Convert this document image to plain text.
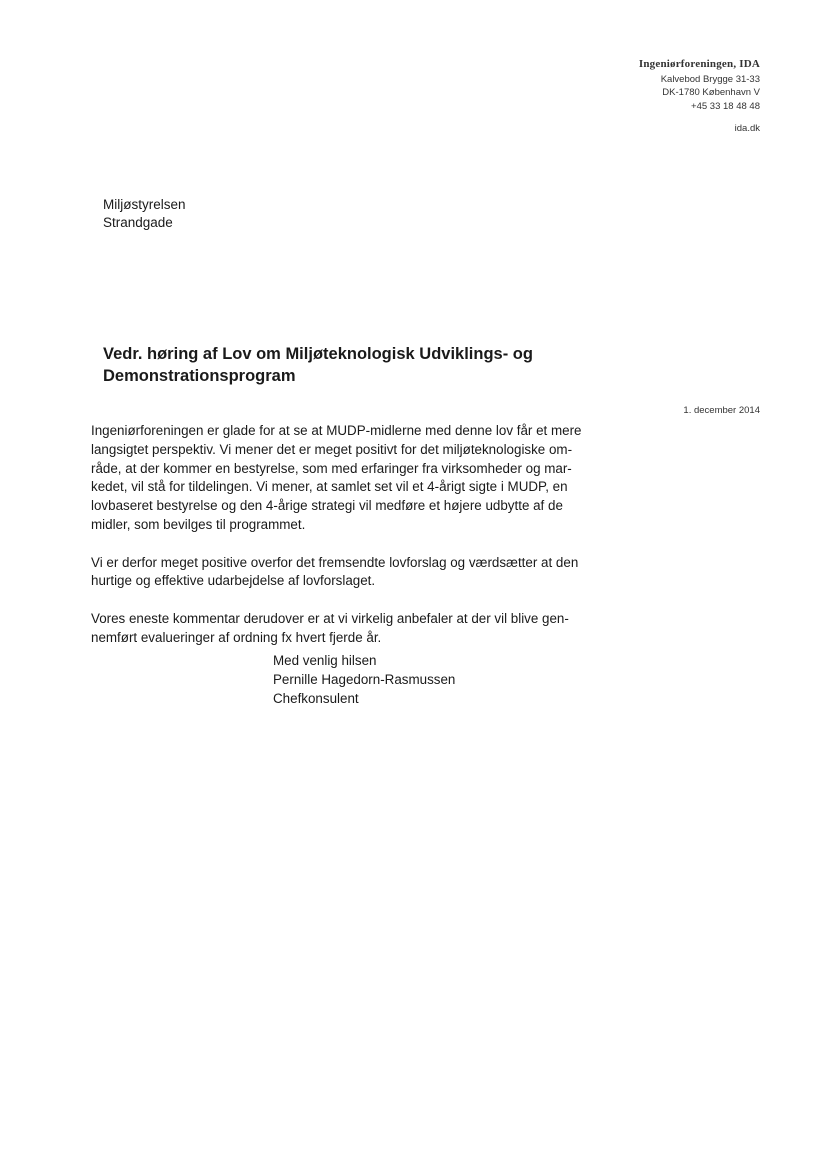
Ingeniørforeningen, IDA
Kalvebod Brygge 31-33
DK-1780 København V
+45 33 18 48 48
ida.dk
Miljøstyrelsen
Strandgade
Vedr. høring af Lov om Miljøteknologisk Udviklings- og
Demonstrationsprogram
1. december 2014

Ingeniørforeningen er glade for at se at MUDP-midlerne med denne lov får et mere
langsigtet perspektiv. Vi mener det er meget positivt for det miljøteknologiske om-
råde, at der kommer en bestyrelse, som med erfaringer fra virksomheder og mar-
kedet, vil stå for tildelingen. Vi mener, at samlet set vil et 4-årigt sigte i MUDP, en
lovbaseret bestyrelse og den 4-årige strategi vil medføre et højere udbytte af de
midler, som bevilges til programmet.

Vi er derfor meget positive overfor det fremsendte lovforslag og værdsætter at den
hurtige og effektive udarbejdelse af lovforslaget.

Vores eneste kommentar derudover er at vi virkelig anbefaler at der vil blive gen-
nemført evalueringer af ordning fx hvert fjerde år.

Med venlig hilsen
Pernille Hagedorn-Rasmussen
Chefkonsulent
